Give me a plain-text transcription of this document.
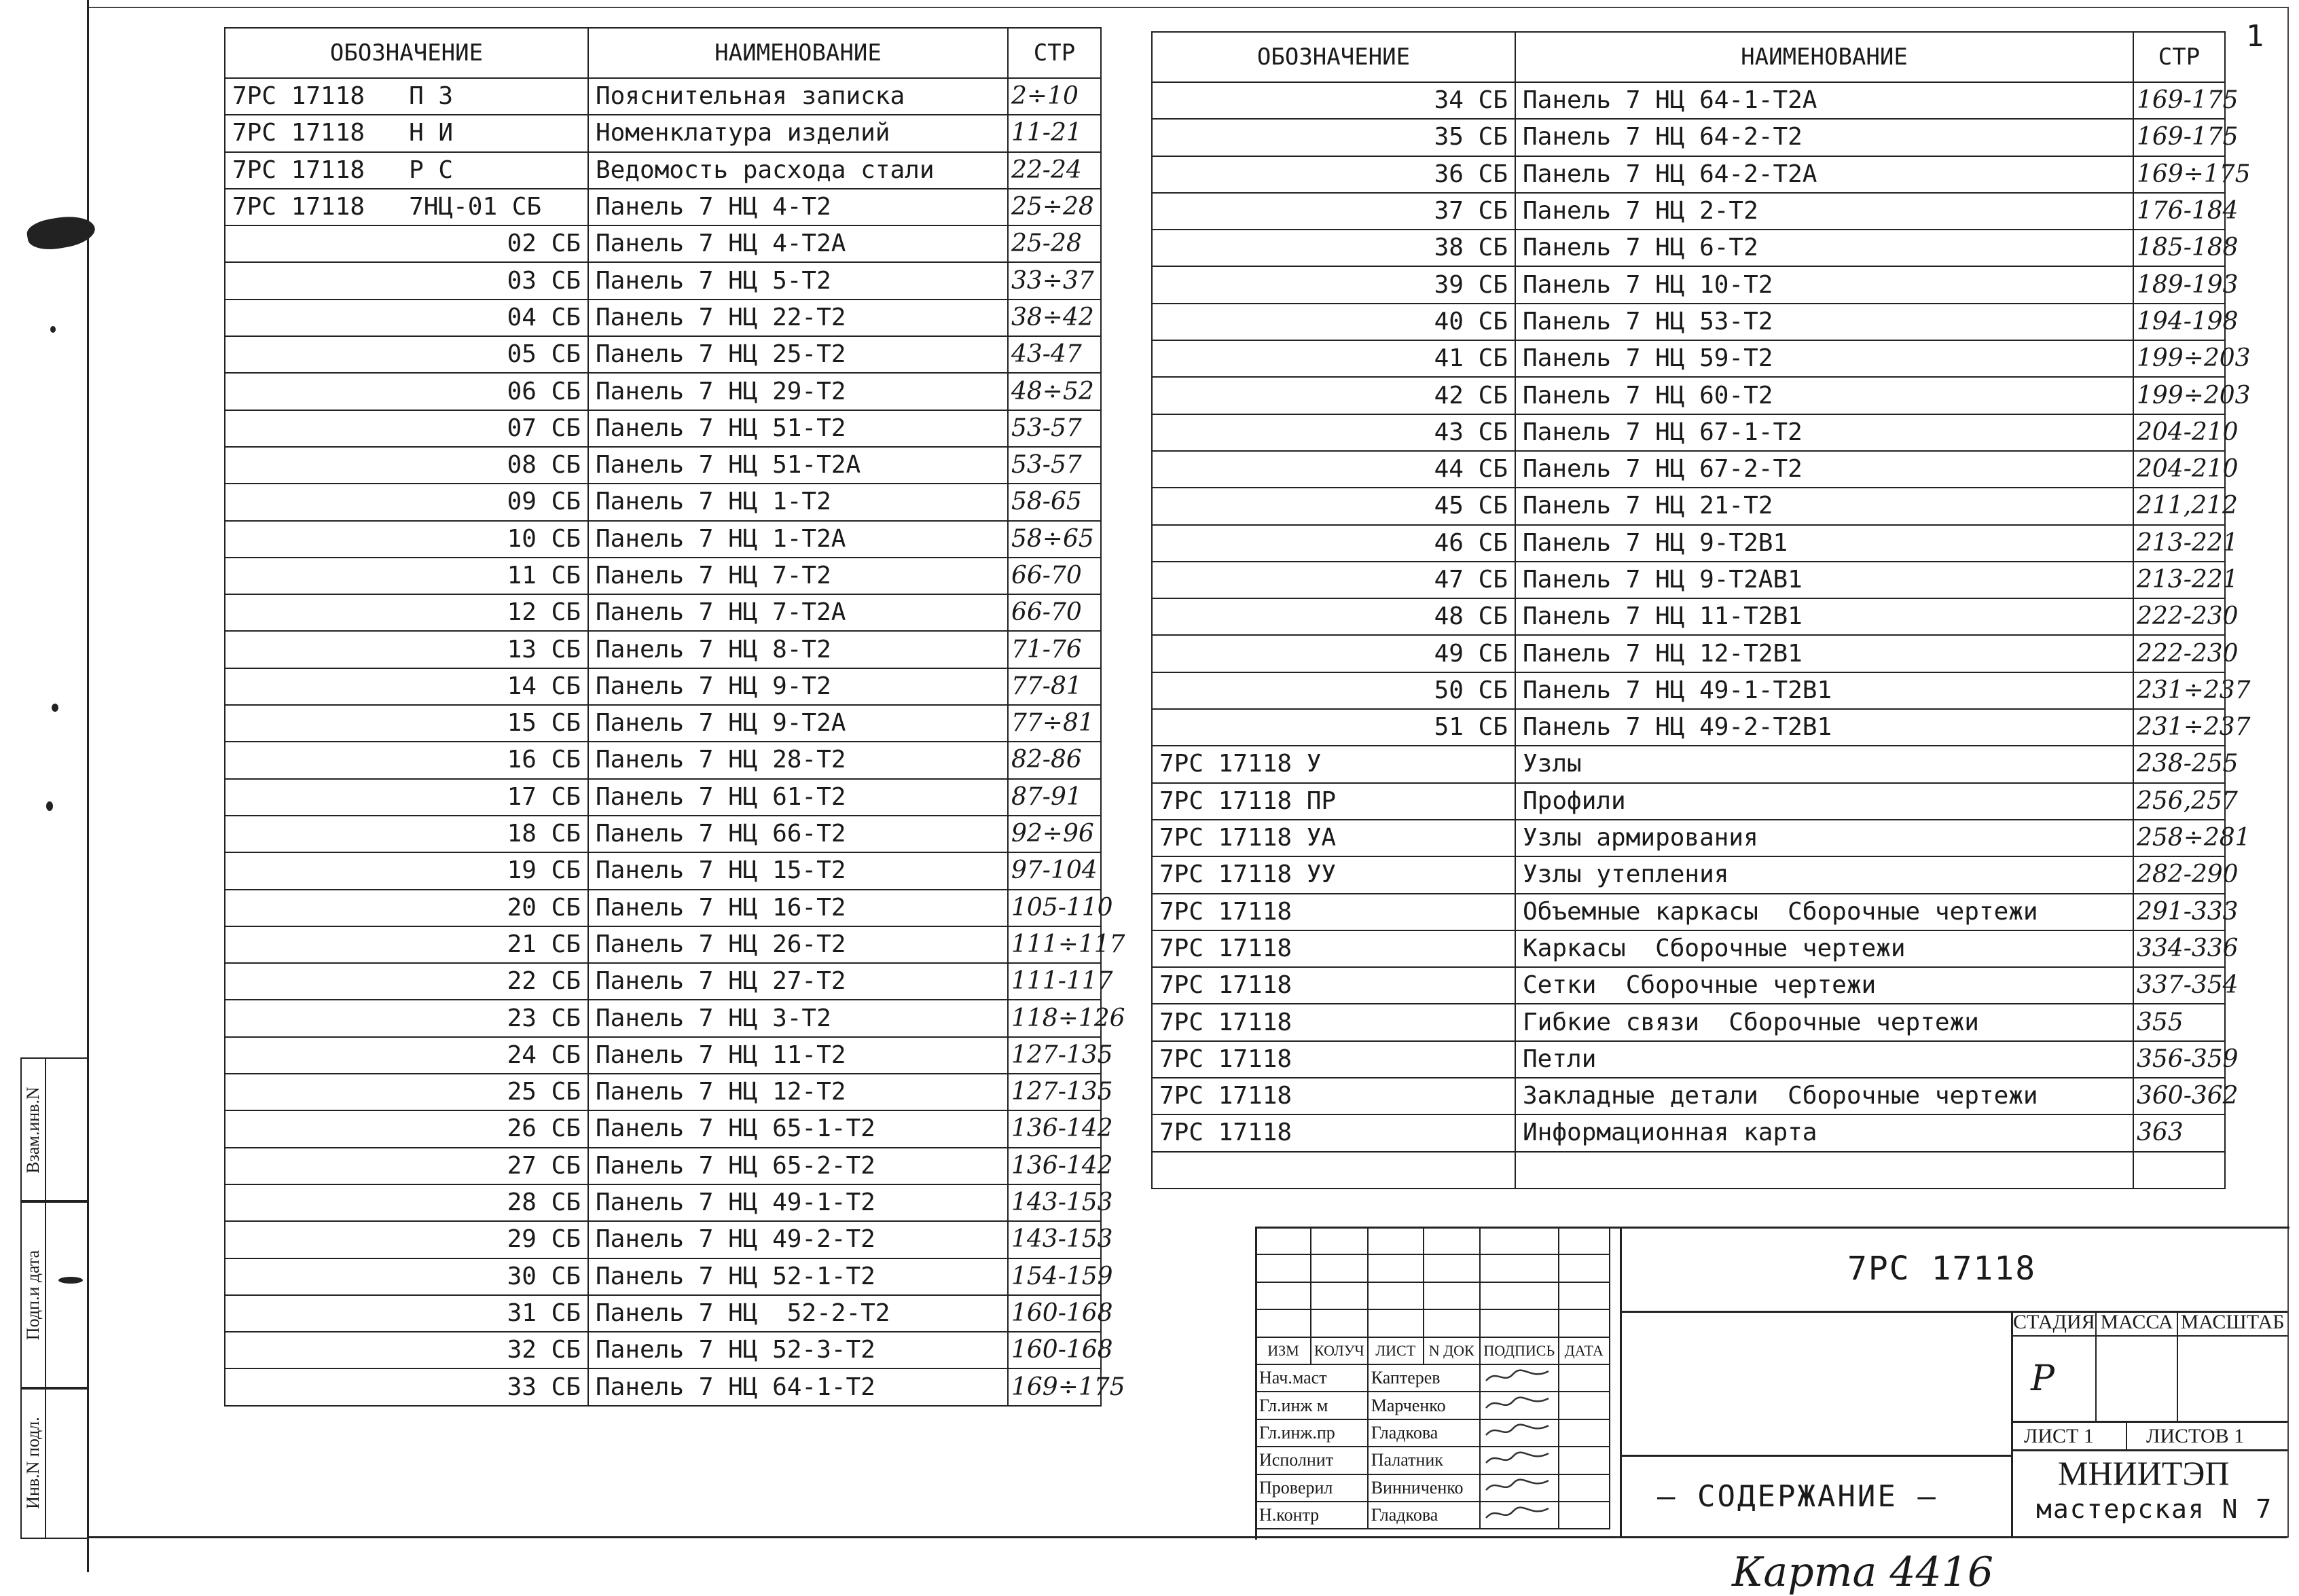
1
ОБОЗНАЧЕНИЕ	НАИМЕНОВАНИЕ	СТР
7РС 17118   П З	Пояснительная записка	2÷10
7РС 17118   Н И	Номенклатура изделий	11-21
7РС 17118   Р С	Ведомость расхода стали	22-24
7РС 17118   7НЦ-01 СБ	Панель 7 НЦ 4-Т2	25÷28
02 СБ	Панель 7 НЦ 4-Т2А	25-28
03 СБ	Панель 7 НЦ 5-Т2	33÷37
04 СБ	Панель 7 НЦ 22-Т2	38÷42
05 СБ	Панель 7 НЦ 25-Т2	43-47
06 СБ	Панель 7 НЦ 29-Т2	48÷52
07 СБ	Панель 7 НЦ 51-Т2	53-57
08 СБ	Панель 7 НЦ 51-Т2А	53-57
09 СБ	Панель 7 НЦ 1-Т2	58-65
10 СБ	Панель 7 НЦ 1-Т2А	58÷65
11 СБ	Панель 7 НЦ 7-Т2	66-70
12 СБ	Панель 7 НЦ 7-Т2А	66-70
13 СБ	Панель 7 НЦ 8-Т2	71-76
14 СБ	Панель 7 НЦ 9-Т2	77-81
15 СБ	Панель 7 НЦ 9-Т2А	77÷81
16 СБ	Панель 7 НЦ 28-Т2	82-86
17 СБ	Панель 7 НЦ 61-Т2	87-91
18 СБ	Панель 7 НЦ 66-Т2	92÷96
19 СБ	Панель 7 НЦ 15-Т2	97-104
20 СБ	Панель 7 НЦ 16-Т2	105-110
21 СБ	Панель 7 НЦ 26-Т2	111÷117
22 СБ	Панель 7 НЦ 27-Т2	111-117
23 СБ	Панель 7 НЦ 3-Т2	118÷126
24 СБ	Панель 7 НЦ 11-Т2	127-135
25 СБ	Панель 7 НЦ 12-Т2	127-135
26 СБ	Панель 7 НЦ 65-1-Т2	136-142
27 СБ	Панель 7 НЦ 65-2-Т2	136-142
28 СБ	Панель 7 НЦ 49-1-Т2	143-153
29 СБ	Панель 7 НЦ 49-2-Т2	143-153
30 СБ	Панель 7 НЦ 52-1-Т2	154-159
31 СБ	Панель 7 НЦ  52-2-Т2	160-168
32 СБ	Панель 7 НЦ 52-3-Т2	160-168
33 СБ	Панель 7 НЦ 64-1-Т2	169÷175
ОБОЗНАЧЕНИЕ	НАИМЕНОВАНИЕ	СТР
34 СБ	Панель 7 НЦ 64-1-Т2А	169-175
35 СБ	Панель 7 НЦ 64-2-Т2	169-175
36 СБ	Панель 7 НЦ 64-2-Т2А	169÷175
37 СБ	Панель 7 НЦ 2-Т2	176-184
38 СБ	Панель 7 НЦ 6-Т2	185-188
39 СБ	Панель 7 НЦ 10-Т2	189-193
40 СБ	Панель 7 НЦ 53-Т2	194-198
41 СБ	Панель 7 НЦ 59-Т2	199÷203
42 СБ	Панель 7 НЦ 60-Т2	199÷203
43 СБ	Панель 7 НЦ 67-1-Т2	204-210
44 СБ	Панель 7 НЦ 67-2-Т2	204-210
45 СБ	Панель 7 НЦ 21-Т2	211,212
46 СБ	Панель 7 НЦ 9-Т2В1	213-221
47 СБ	Панель 7 НЦ 9-Т2АВ1	213-221
48 СБ	Панель 7 НЦ 11-Т2В1	222-230
49 СБ	Панель 7 НЦ 12-Т2В1	222-230
50 СБ	Панель 7 НЦ 49-1-Т2В1	231÷237
51 СБ	Панель 7 НЦ 49-2-Т2В1	231÷237
7РС 17118 У	Узлы	238-255
7РС 17118 ПР	Профили	256,257
7РС 17118 УА	Узлы армирования	258÷281
7РС 17118 УУ	Узлы утепления	282-290
7РС 17118	Объемные каркасы  Сборочные чертежи	291-333
7РС 17118	Каркасы  Сборочные чертежи	334-336
7РС 17118	Сетки  Сборочные чертежи	337-354
7РС 17118	Гибкие связи  Сборочные чертежи	355
7РС 17118	Петли	356-359
7РС 17118	Закладные детали  Сборочные чертежи	360-362
7РС 17118	Информационная карта	363

ИЗМ	КОЛУЧ	ЛИСТ	N ДОК	ПОДПИСЬ	ДАТА
Нач.маст		Каптерев		
Гл.инж м		Марченко		
Гл.инж.пр		Гладкова		
Исполнит		Палатник		
Проверил		Винниченко		
Н.контр		Гладкова		
7РС 17118
СТАДИЯ МАССА МАСШТАБ
Р
ЛИСТ 1	ЛИСТОВ 1
— СОДЕРЖАНИЕ —
МНИИТЭП
мастерская N 7
Карта 4416
Взам.инв.N
Подп.и дата
Инв.N подл.
